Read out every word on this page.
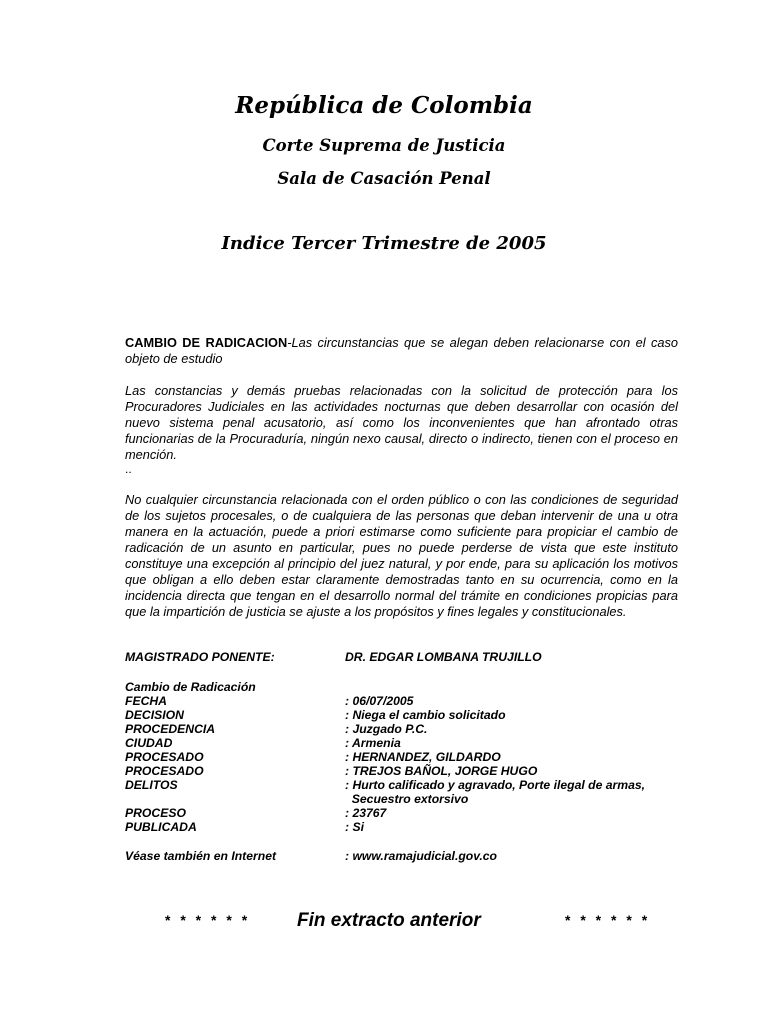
República de Colombia
Corte Suprema de Justicia
Sala de Casación Penal
Indice Tercer Trimestre de 2005

CAMBIO DE RADICACION-Las circunstancias que se alegan deben relacionarse con el caso objeto de estudio

Las constancias y demás pruebas relacionadas con la solicitud de protección para los Procuradores Judiciales en las actividades nocturnas que deben desarrollar con ocasión del nuevo sistema penal acusatorio, así como los inconvenientes que han afrontado otras funcionarias de la Procuraduría, ningún nexo causal, directo o indirecto, tienen con el proceso en mención.

..

No cualquier circunstancia relacionada con el orden público o con las condiciones de seguridad de los sujetos procesales, o de cualquiera de las personas que deban intervenir de una u otra manera en la actuación, puede a priori estimarse como suficiente para propiciar el cambio de radicación de un asunto en particular, pues no puede perderse de vista que este instituto constituye una excepción al principio del juez natural, y por ende, para su aplicación los motivos que obligan a ello deben estar claramente demostradas tanto en su ocurrencia, como en la incidencia directa que tengan en el desarrollo normal del trámite en condiciones propicias para que la impartición de justicia se ajuste a los propósitos y fines legales y constitucionales.

MAGISTRADO PONENTE:	DR. EDGAR LOMBANA TRUJILLO
Cambio de Radicación
FECHA	: 06/07/2005
DECISION	: Niega el cambio solicitado
PROCEDENCIA	: Juzgado P.C.
CIUDAD	: Armenia
PROCESADO	: HERNANDEZ, GILDARDO
PROCESADO	: TREJOS BAÑOL, JORGE HUGO
DELITOS	: Hurto calificado y agravado, Porte ilegal de armas,
Secuestro extorsivo
PROCESO	: 23767
PUBLICADA	: Si
Véase también en Internet	: www.ramajudicial.gov.co

* * * * * * Fin extracto anterior	* * * * * *
